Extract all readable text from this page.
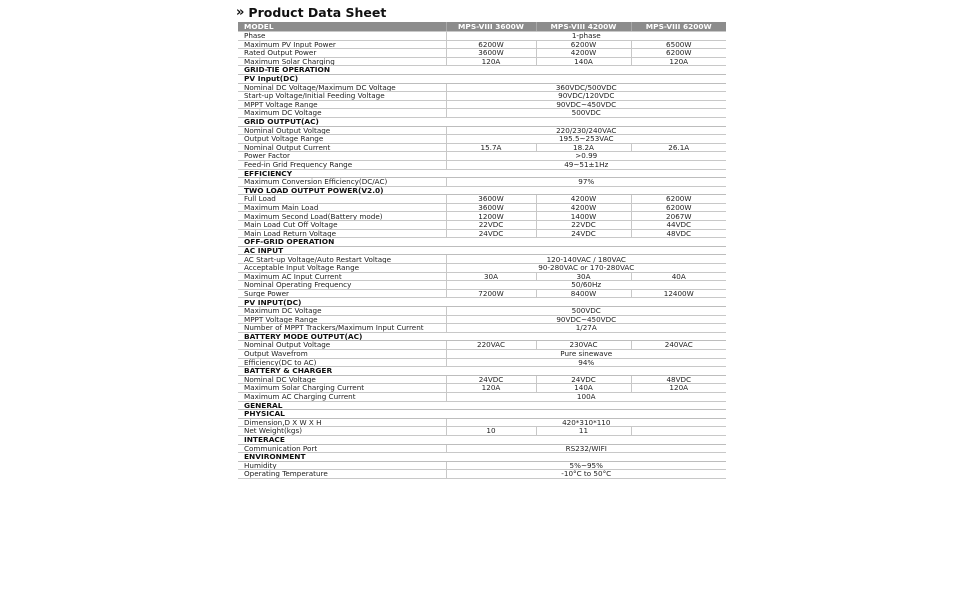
» Product Data Sheet
MODEL	MPS-VIII 3600W	MPS-VIII 4200W	MPS-VIII 6200W
Phase	1-phase		
Maximum PV Input Power	6200W	6200W	6500W
Rated Output Power	3600W	4200W	6200W
Maximum Solar Charging	120A	140A	120A
GRID-TIE OPERATION			
PV Input(DC)			
Nominal DC Voltage/Maximum DC Voltage	360VDC/500VDC		
Start-up Voltage/Initial Feeding Voltage	90VDC/120VDC		
MPPT Voltage Range	90VDC~450VDC		
Maximum DC Voltage	500VDC		
GRID OUTPUT(AC)			
Nominal Output Voltage	220/230/240VAC		
Output Voltage Range	195.5~253VAC		
Nominal Output Current	15.7A	18.2A	26.1A
Power Factor	>0.99		
Feed-in Grid Frequency Range	49~51±1Hz		
EFFICIENCY			
Maximum Conversion Efficiency(DC/AC)	97%		
TWO LOAD OUTPUT POWER(V2.0)			
Full Load	3600W	4200W	6200W
Maximum Main Load	3600W	4200W	6200W
Maximum Second Load(Battery mode)	1200W	1400W	2067W
Main Load Cut Off Voltage	22VDC	22VDC	44VDC
Main Load Return Voltage	24VDC	24VDC	48VDC
OFF-GRID OPERATION			
AC INPUT			
AC Start-up Voltage/Auto Restart Voltage	120-140VAC / 180VAC		
Acceptable Input Voltage Range	90-280VAC or 170-280VAC		
Maximum AC Input Current	30A	30A	40A
Nominal Operating Frequency	50/60Hz		
Surge Power	7200W	8400W	12400W
PV INPUT(DC)			
Maximum DC Voltage	500VDC		
MPPT Voltage Range	90VDC~450VDC		
Number of MPPT Trackers/Maximum Input Current	1/27A		
BATTERY MODE OUTPUT(AC)			
Nominal Output Voltage	220VAC	230VAC	240VAC
Output Wavefrom	Pure sinewave		
Efficiency(DC to AC)	94%		
BATTERY & CHARGER			
Nominal DC Voltage	24VDC	24VDC	48VDC
Maximum Solar Charging Current	120A	140A	120A
Maximum AC Charging Current	100A		
GENERAL			
PHYSICAL			
Dimension,D X W X H	420*310*110		
Net Weight(kgs)	10	11	
INTERACE			
Communication Port	RS232/WIFI		
ENVIRONMENT			
Humidity	5%~95%		
Operating Temperature	-10°C to 50°C		
